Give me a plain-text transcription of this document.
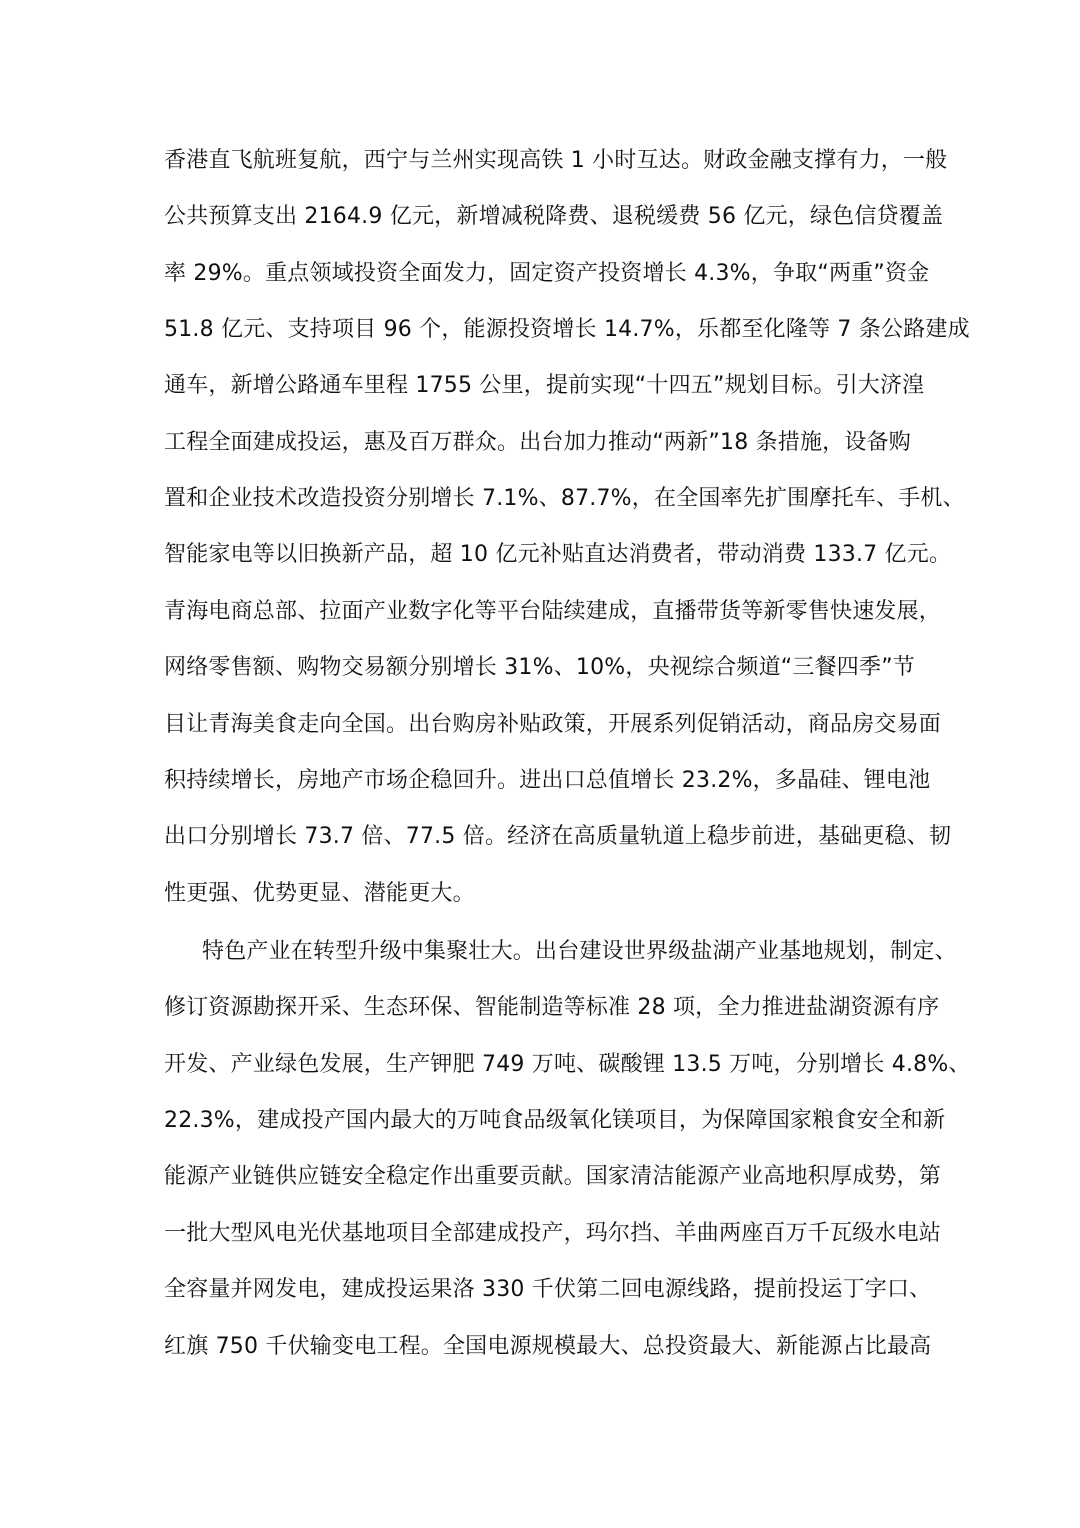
香港直飞航班复航，西宁与兰州实现高铁 1 小时互达。财政金融支撑有力，一般
公共预算支出 2164.9 亿元，新增减税降费、退税缓费 56 亿元，绿色信贷覆盖
率 29%。重点领域投资全面发力，固定资产投资增长 4.3%，争取“两重”资金
51.8 亿元、支持项目 96 个，能源投资增长 14.7%，乐都至化隆等 7 条公路建成
通车，新增公路通车里程 1755 公里，提前实现“十四五”规划目标。引大济湟
工程全面建成投运，惠及百万群众。出台加力推动“两新”18 条措施，设备购
置和企业技术改造投资分别增长 7.1%、87.7%，在全国率先扩围摩托车、手机、
智能家电等以旧换新产品，超 10 亿元补贴直达消费者，带动消费 133.7 亿元。
青海电商总部、拉面产业数字化等平台陆续建成，直播带货等新零售快速发展，
网络零售额、购物交易额分别增长 31%、10%，央视综合频道“三餐四季”节
目让青海美食走向全国。出台购房补贴政策，开展系列促销活动，商品房交易面
积持续增长，房地产市场企稳回升。进出口总值增长 23.2%，多晶硅、锂电池
出口分别增长 73.7 倍、77.5 倍。经济在高质量轨道上稳步前进，基础更稳、韧
性更强、优势更显、潜能更大。
特色产业在转型升级中集聚壮大。出台建设世界级盐湖产业基地规划，制定、
修订资源勘探开采、生态环保、智能制造等标准 28 项，全力推进盐湖资源有序
开发、产业绿色发展，生产钾肥 749 万吨、碳酸锂 13.5 万吨，分别增长 4.8%、
22.3%，建成投产国内最大的万吨食品级氧化镁项目，为保障国家粮食安全和新
能源产业链供应链安全稳定作出重要贡献。国家清洁能源产业高地积厚成势，第
一批大型风电光伏基地项目全部建成投产，玛尔挡、羊曲两座百万千瓦级水电站
全容量并网发电，建成投运果洛 330 千伏第二回电源线路，提前投运丁字口、
红旗 750 千伏输变电工程。全国电源规模最大、总投资最大、新能源占比最高
